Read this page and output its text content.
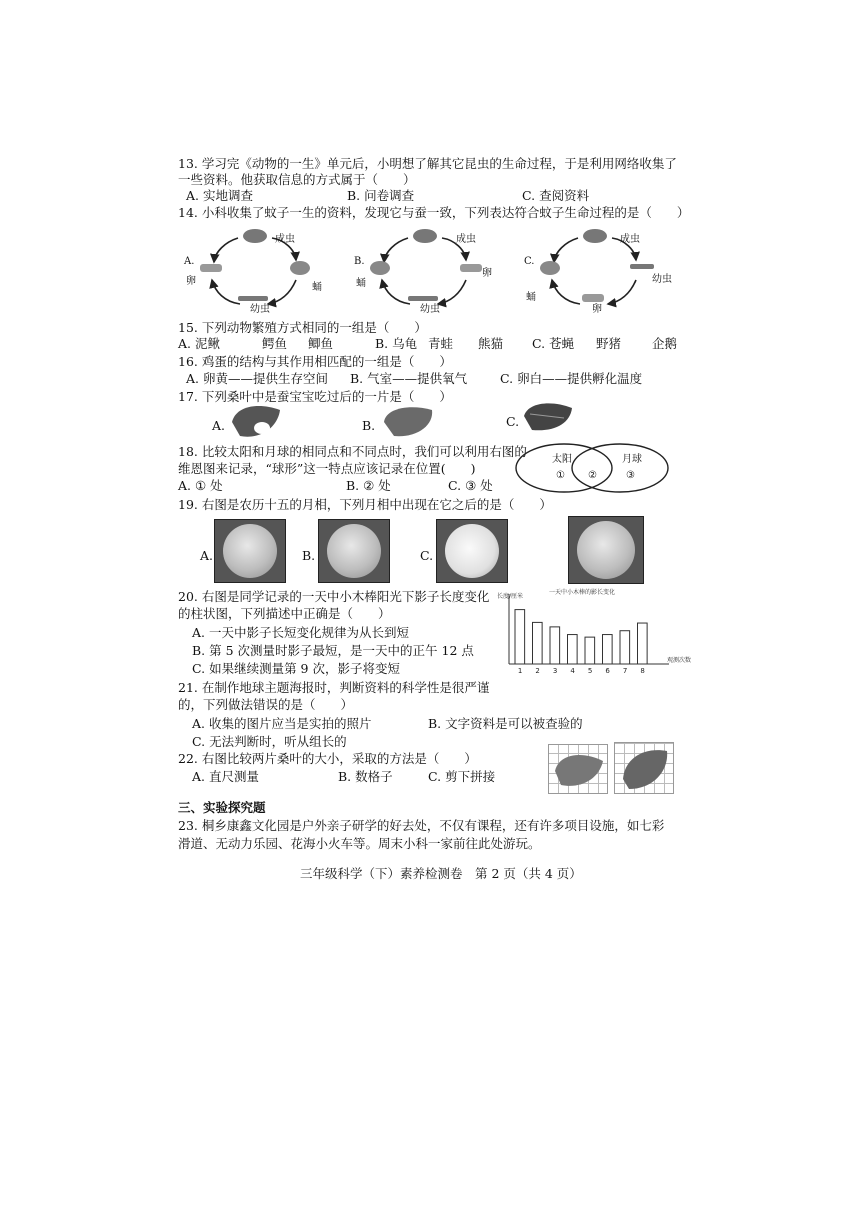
13. 学习完《动物的一生》单元后，小明想了解其它昆虫的生命过程，于是利用网络收集了
一些资料。他获取信息的方式属于（　　）
A. 实地调查	B. 问卷调查	C. 查阅资料
14. 小科收集了蚊子一生的资料，发现它与蚕一致，下列表达符合蚊子生命过程的是（　　）
A.
成虫
蛹
幼虫
卵
B.
成虫
卵
幼虫
蛹
C.
成虫
幼虫
卵
蛹
15. 下列动物繁殖方式相同的一组是（　　）
A. 泥鳅	鳄鱼 鲫鱼	B. 乌龟 青蛙 熊猫 C. 苍蝇 野猪 企鹅
16. 鸡蛋的结构与其作用相匹配的一组是（　　）
A. 卵黄——提供生存空间 B. 气室——提供氧气	C. 卵白——提供孵化温度
17. 下列桑叶中是蚕宝宝吃过后的一片是（　　）
A.	B.	C.
18. 比较太阳和月球的相同点和不同点时，我们可以利用右图的
维恩图来记录，“球形”这一特点应该记录在位置(　　)
A. ① 处	B. ② 处	C. ③ 处
太阳	月球
① ②	③
19. 右图是农历十五的月相，下列月相中出现在它之后的是（　　）
A.	B.	C.
20. 右图是同学记录的一天中小木棒阳光下影子长度变化
的柱状图，下列描述中正确是（　　）
A. 一天中影子长短变化规律为从长到短
B. 第 5 次测量时影子最短，是一天中的正午 12 点
C. 如果继续测量第 9 次，影子将变短
一天中小木棒的影长变化
长度/厘米
观测次数
1 2 3 4 5 6 7 8
21. 在制作地球主题海报时，判断资料的科学性是很严谨
的，下列做法错误的是（　　）
A. 收集的图片应当是实拍的照片	B. 文字资料是可以被查验的
C. 无法判断时，听从组长的
22. 右图比较两片桑叶的大小，采取的方法是（　　）
A. 直尺测量	B. 数格子	C. 剪下拼接
三、实验探究题
23. 桐乡康鑫文化园是户外亲子研学的好去处，不仅有课程，还有许多项目设施，如七彩
滑道、无动力乐园、花海小火车等。周末小科一家前往此处游玩。
三年级科学（下）素养检测卷　第 2 页（共 4 页）
